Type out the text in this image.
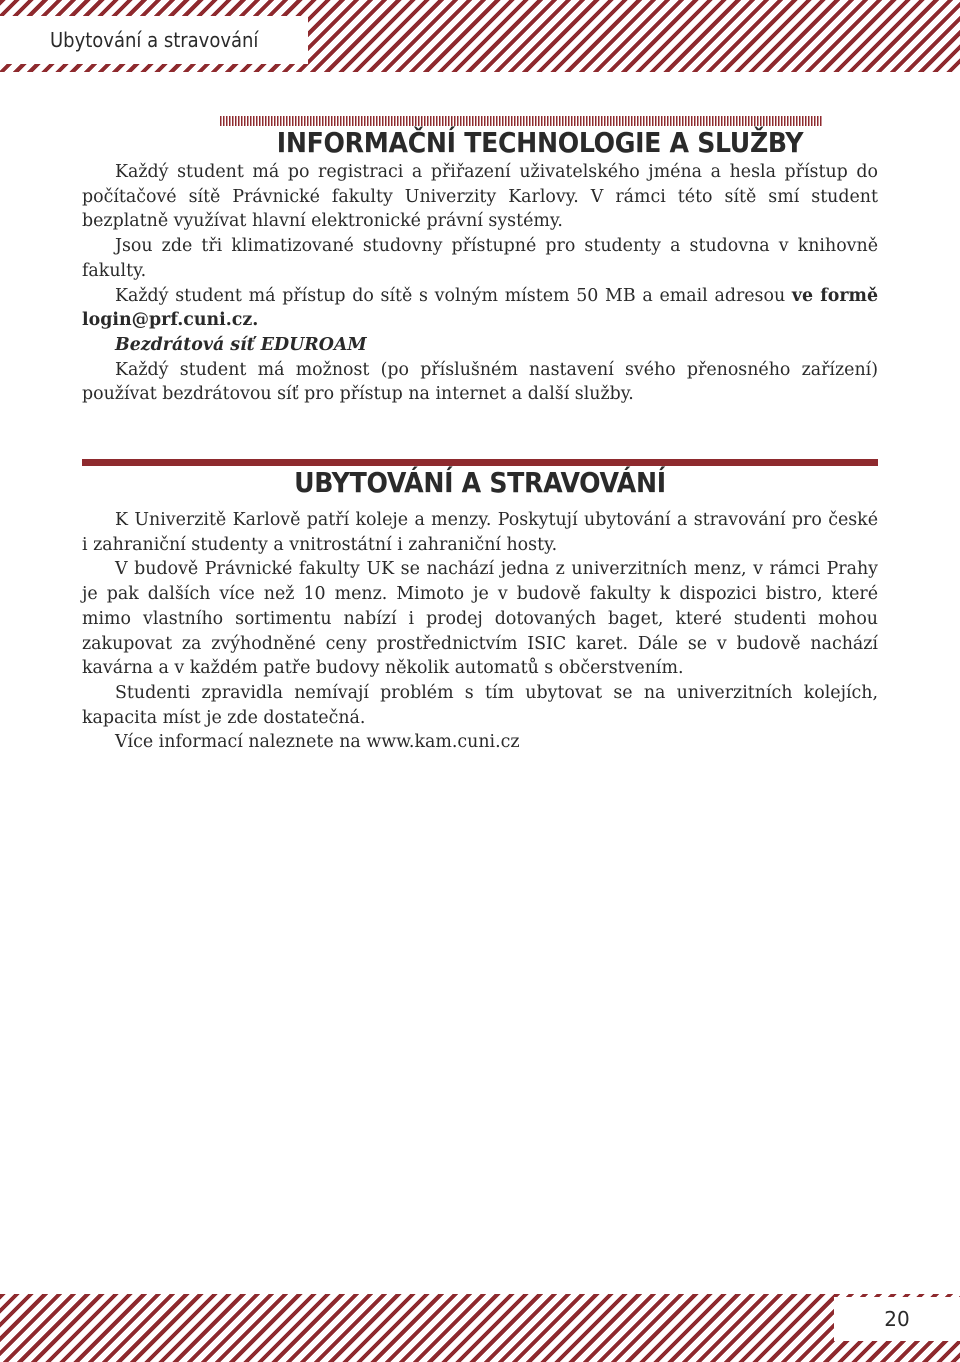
Ubytování a stravování
INFORMAČNÍ TECHNOLOGIE A SLUŽBY

Každý student má po registraci a přiřazení uživatelského jména a hesla přístup do počítačové sítě Právnické fakulty Univerzity Karlovy. V rámci této sítě smí student bezplatně využívat hlavní elektronické právní systémy.

Jsou zde tři klimatizované studovny přístupné pro studenty a studovna v knihovně fakulty.

Každý student má přístup do sítě s volným místem 50 MB a email adresou ve formě login@prf.cuni.cz.

Bezdrátová síť EDUROAM

Každý student má možnost (po příslušném nastavení svého přenosného zařízení) používat bezdrátovou síť pro přístup na internet a další služby.

UBYTOVÁNÍ A STRAVOVÁNÍ

K Univerzitě Karlově patří koleje a menzy. Poskytují ubytování a stravování pro české i zahraniční studenty a vnitrostátní i zahraniční hosty.

V budově Právnické fakulty UK se nachází jedna z univerzitních menz, v rámci Prahy je pak dalších více než 10 menz. Mimoto je v budově fakulty k dispozici bistro, které mimo vlastního sortimentu nabízí i prodej dotovaných baget, které studenti mohou zakupovat za zvýhodněné ceny prostřednictvím ISIC karet. Dále se v budově nachází kavárna a v každém patře budovy několik automatů s občerstvením.

Studenti zpravidla nemívají problém s tím ubytovat se na univerzitních kolejích, kapacita míst je zde dostatečná.

Více informací naleznete na www.kam.cuni.cz

20
